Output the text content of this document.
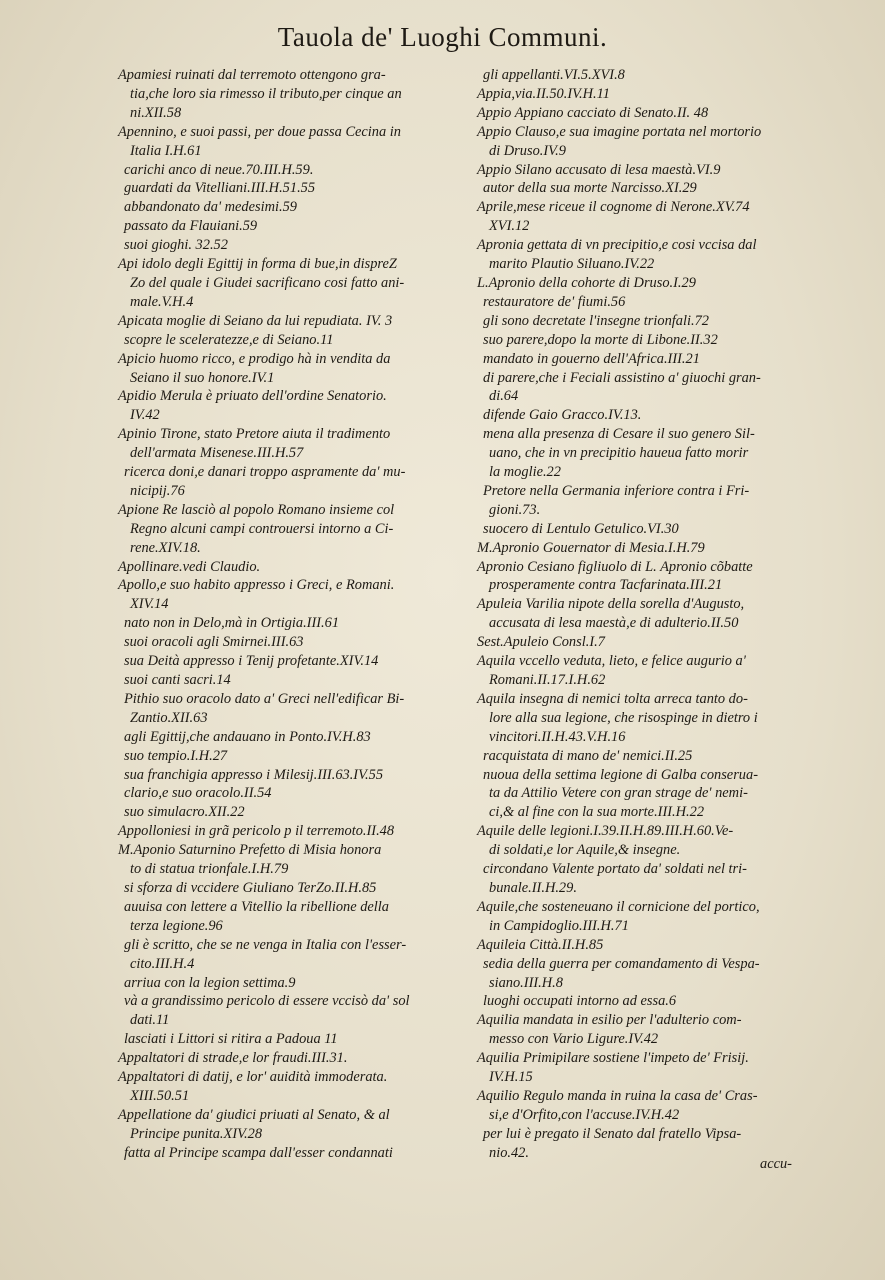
Tauola de' Luoghi Communi.
Apamiesi ruinati dal terremoto ottengono gra-
tia,che loro sia rimesso il tributo,per cinque an
ni.XII.58
Apennino, e suoi passi, per doue passa Cecina in
Italia I.H.61
carichi anco di neue.70.III.H.59.
guardati da Vitelliani.III.H.51.55
abbandonato da' medesimi.59
passato da Flauiani.59
suoi gioghi. 32.52
Api idolo degli Egittij in forma di bue,in dispreZ
Zo del quale i Giudei sacrificano cosi fatto ani-
male.V.H.4
Apicata moglie di Seiano da lui repudiata. IV. 3
scopre le sceleratezze,e di Seiano.11
Apicio huomo ricco, e prodigo hà in vendita da
Seiano il suo honore.IV.1
Apidio Merula è priuato dell'ordine Senatorio.
IV.42
Apinio Tirone, stato Pretore aiuta il tradimento
dell'armata Misenese.III.H.57
ricerca doni,e danari troppo aspramente da' mu-
nicipij.76
Apione Re lasciò al popolo Romano insieme col
Regno alcuni campi controuersi intorno a Ci-
rene.XIV.18.
Apollinare.vedi Claudio.
Apollo,e suo habito appresso i Greci, e Romani.
XIV.14
nato non in Delo,mà in Ortigia.III.61
suoi oracoli agli Smirnei.III.63
sua Deità appresso i Tenij profetante.XIV.14
suoi canti sacri.14
Pithio suo oracolo dato a' Greci nell'edificar Bi-
Zantio.XII.63
agli Egittij,che andauano in Ponto.IV.H.83
suo tempio.I.H.27
sua franchigia appresso i Milesij.III.63.IV.55
clario,e suo oracolo.II.54
suo simulacro.XII.22
Appolloniesi in grã pericolo p il terremoto.II.48
M.Aponio Saturnino Prefetto di Misia honora
to di statua trionfale.I.H.79
si sforza di vccidere Giuliano TerZo.II.H.85
auuisa con lettere a Vitellio la ribellione della
terza legione.96
gli è scritto, che se ne venga in Italia con l'esser-
cito.III.H.4
arriua con la legion settima.9
và a grandissimo pericolo di essere vccisò da' sol
dati.11
lasciati i Littori si ritira a Padoua 11
Appaltatori di strade,e lor fraudi.III.31.
Appaltatori di datij, e lor' auidità immoderata.
XIII.50.51
Appellatione da' giudici priuati al Senato, & al
Principe punita.XIV.28
fatta al Principe scampa dall'esser condannati
gli appellanti.VI.5.XVI.8
Appia,via.II.50.IV.H.11
Appio Appiano cacciato di Senato.II. 48
Appio Clauso,e sua imagine portata nel mortorio
di Druso.IV.9
Appio Silano accusato di lesa maestà.VI.9
autor della sua morte Narcisso.XI.29
Aprile,mese riceue il cognome di Nerone.XV.74
XVI.12
Apronia gettata di vn precipitio,e cosi vccisa dal
marito Plautio Siluano.IV.22
L.Apronio della cohorte di Druso.I.29
restauratore de' fiumi.56
gli sono decretate l'insegne trionfali.72
suo parere,dopo la morte di Libone.II.32
mandato in gouerno dell'Africa.III.21
di parere,che i Feciali assistino a' giuochi gran-
di.64
difende Gaio Gracco.IV.13.
mena alla presenza di Cesare il suo genero Sil-
uano, che in vn precipitio haueua fatto morir
la moglie.22
Pretore nella Germania inferiore contra i Fri-
gioni.73.
suocero di Lentulo Getulico.VI.30
M.Apronio Gouernator di Mesia.I.H.79
Apronio Cesiano figliuolo di L. Apronio cõbatte
prosperamente contra Tacfarinata.III.21
Apuleia Varilia nipote della sorella d'Augusto,
accusata di lesa maestà,e di adulterio.II.50
Sest.Apuleio Consl.I.7
Aquila vccello veduta, lieto, e felice augurio a'
Romani.II.17.I.H.62
Aquila insegna di nemici tolta arreca tanto do-
lore alla sua legione, che risospinge in dietro i
vincitori.II.H.43.V.H.16
racquistata di mano de' nemici.II.25
nuoua della settima legione di Galba conserua-
ta da Attilio Vetere con gran strage de' nemi-
ci,& al fine con la sua morte.III.H.22
Aquile delle legioni.I.39.II.H.89.III.H.60.Ve-
di soldati,e lor Aquile,& insegne.
circondano Valente portato da' soldati nel tri-
bunale.II.H.29.
Aquile,che sosteneuano il cornicione del portico,
in Campidoglio.III.H.71
Aquileia Città.II.H.85
sedia della guerra per comandamento di Vespa-
siano.III.H.8
luoghi occupati intorno ad essa.6
Aquilia mandata in esilio per l'adulterio com-
messo con Vario Ligure.IV.42
Aquilia Primipilare sostiene l'impeto de' Frisij.
IV.H.15
Aquilio Regulo manda in ruina la casa de' Cras-
si,e d'Orfito,con l'accuse.IV.H.42
per lui è pregato il Senato dal fratello Vipsa-
nio.42.
accu-
